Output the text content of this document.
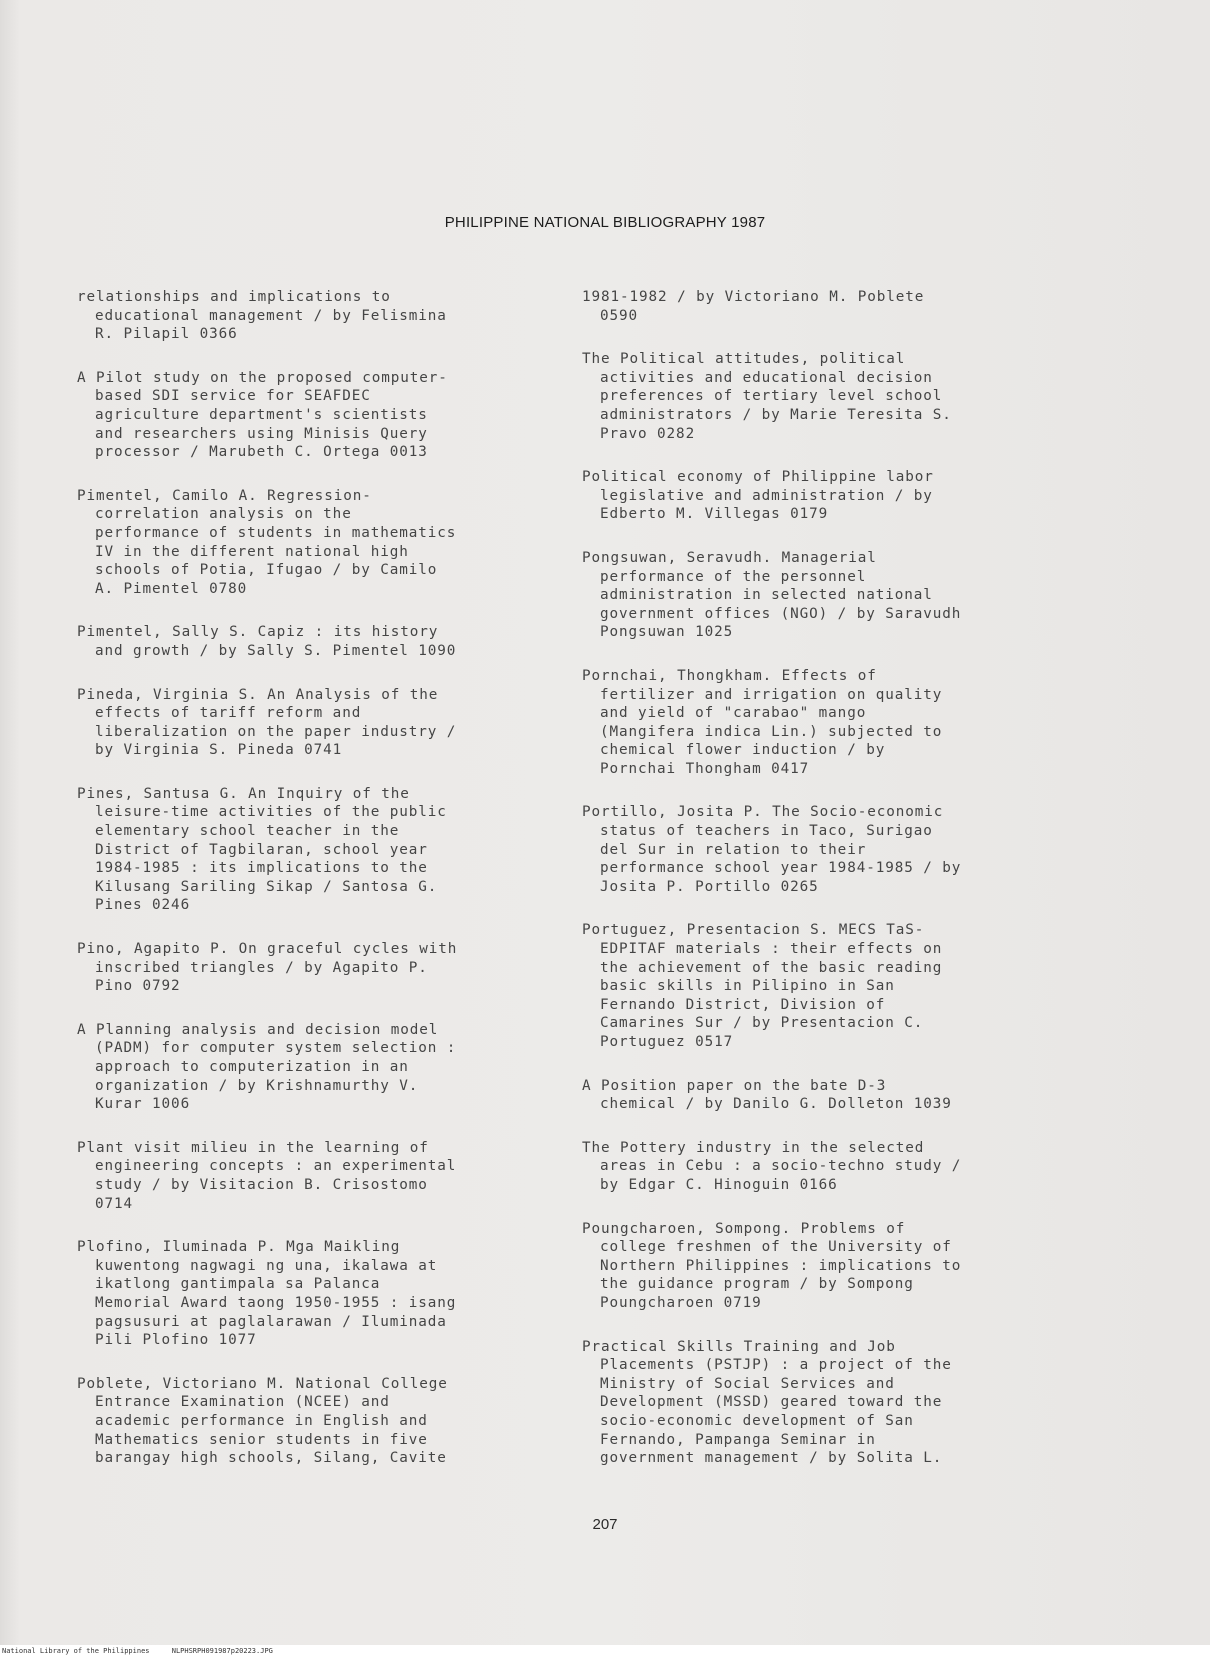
PHILIPPINE NATIONAL BIBLIOGRAPHY 1987
relationships and implications to
educational management / by Felismina
R. Pilapil 0366
A Pilot study on the proposed computer-
based SDI service for SEAFDEC
agriculture department's scientists
and researchers using Minisis Query
processor / Marubeth C. Ortega 0013
Pimentel, Camilo A. Regression-
correlation analysis on the
performance of students in mathematics
IV in the different national high
schools of Potia, Ifugao / by Camilo
A. Pimentel 0780
Pimentel, Sally S. Capiz : its history
and growth / by Sally S. Pimentel 1090
Pineda, Virginia S. An Analysis of the
effects of tariff reform and
liberalization on the paper industry /
by Virginia S. Pineda 0741
Pines, Santusa G. An Inquiry of the
leisure-time activities of the public
elementary school teacher in the
District of Tagbilaran, school year
1984-1985 : its implications to the
Kilusang Sariling Sikap / Santosa G.
Pines 0246
Pino, Agapito P. On graceful cycles with
inscribed triangles / by Agapito P.
Pino 0792
A Planning analysis and decision model
(PADM) for computer system selection :
approach to computerization in an
organization / by Krishnamurthy V.
Kurar 1006
Plant visit milieu in the learning of
engineering concepts : an experimental
study / by Visitacion B. Crisostomo
0714
Plofino, Iluminada P. Mga Maikling
kuwentong nagwagi ng una, ikalawa at
ikatlong gantimpala sa Palanca
Memorial Award taong 1950-1955 : isang
pagsusuri at paglalarawan / Iluminada
Pili Plofino 1077
Poblete, Victoriano M. National College
Entrance Examination (NCEE) and
academic performance in English and
Mathematics senior students in five
barangay high schools, Silang, Cavite
1981-1982 / by Victoriano M. Poblete
0590
The Political attitudes, political
activities and educational decision
preferences of tertiary level school
administrators / by Marie Teresita S.
Pravo 0282
Political economy of Philippine labor
legislative and administration / by
Edberto M. Villegas 0179
Pongsuwan, Seravudh. Managerial
performance of the personnel
administration in selected national
government offices (NGO) / by Saravudh
Pongsuwan 1025
Pornchai, Thongkham. Effects of
fertilizer and irrigation on quality
and yield of "carabao" mango
(Mangifera indica Lin.) subjected to
chemical flower induction / by
Pornchai Thongham 0417
Portillo, Josita P. The Socio-economic
status of teachers in Taco, Surigao
del Sur in relation to their
performance school year 1984-1985 / by
Josita P. Portillo 0265
Portuguez, Presentacion S. MECS TaS-
EDPITAF materials : their effects on
the achievement of the basic reading
basic skills in Pilipino in San
Fernando District, Division of
Camarines Sur / by Presentacion C.
Portuguez 0517
A Position paper on the bate D-3
chemical / by Danilo G. Dolleton 1039
The Pottery industry in the selected
areas in Cebu : a socio-techno study /
by Edgar C. Hinoguin 0166
Poungcharoen, Sompong. Problems of
college freshmen of the University of
Northern Philippines : implications to
the guidance program / by Sompong
Poungcharoen 0719
Practical Skills Training and Job
Placements (PSTJP) : a project of the
Ministry of Social Services and
Development (MSSD) geared toward the
socio-economic development of San
Fernando, Pampanga Seminar in
government management / by Solita L.
207
National Library of the Philippines	NLPHSRPH091987p20223.JPG
